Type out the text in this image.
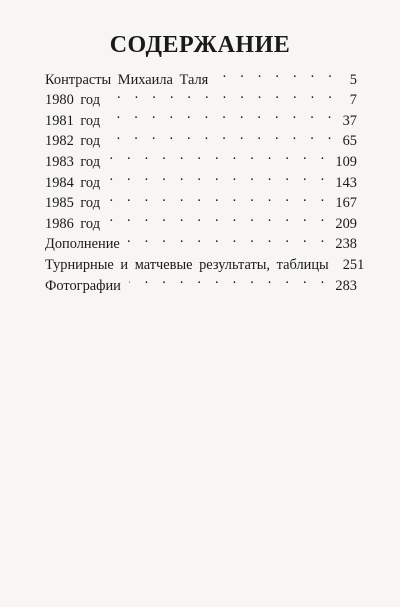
СОДЕРЖАНИЕ
Контрасты Михаила Таля . . .	5
1980 год . . .	7
1981 год . . .	37
1982 год . . .	65
1983 год . . .	109
1984 год . . .	143
1985 год . . .	167
1986 год . . .	209
Дополнение . . .	238
Турнирные и матчевые результаты, таблицы 251
Фотографии . . .	283
